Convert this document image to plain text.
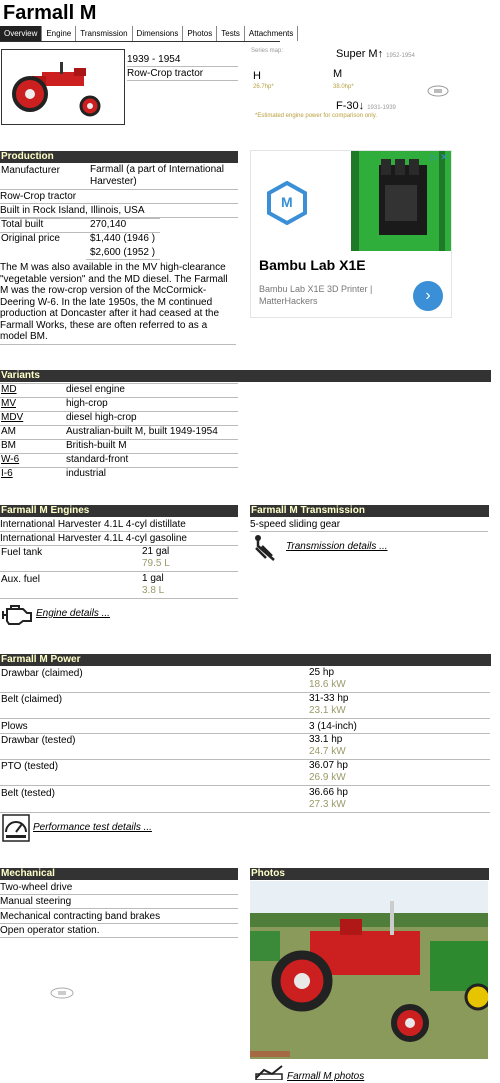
Farmall M
Overview	Engine	Transmission	Dimensions	Photos	Tests	Attachments
1939 - 1954
Row-Crop tractor
Series map:	Super M↑ 1952-1954
H
26.7hp*
M
38.0hp*
F-30↓ 1931-1939
*Estimated engine power for comparison only.
Production
Manufacturer	Farmall (a part of International Harvester)
Row-Crop tractor
Built in Rock Island, Illinois, USA
Total built	270,140
Original price	$1,440 (1946 )
$2,600 (1952 )
The M was also available in the MV high-clearance "vegetable version" and the MD diesel. The Farmall M was the row-crop version of the McCormick-Deering W-6. In the late 1950s, the M continued production at Doncaster after it had ceased at the Farmall Works, these are often referred to as a model BM.
M
▷ ✕
Bambu Lab X1E
Bambu Lab X1E 3D Printer | MatterHackers	›
Variants
MD	diesel engine
MV	high-crop
MDV	diesel high-crop
AM	Australian-built M, built 1949-1954
BM	British-built M
W-6	standard-front
I-6	industrial
Farmall M Engines
International Harvester 4.1L 4-cyl distillate
International Harvester 4.1L 4-cyl gasoline
Fuel tank	21 gal
79.5 L
Aux. fuel	1 gal
3.8 L
Engine details ...
Farmall M Transmission
5-speed sliding gear
Transmission details ...
Farmall M Power
Drawbar (claimed)	25 hp
18.6 kW
Belt (claimed)	31-33 hp
23.1 kW
Plows	3 (14-inch)
Drawbar (tested)	33.1 hp
24.7 kW
PTO (tested)	36.07 hp
26.9 kW
Belt (tested)	36.66 hp
27.3 kW
Performance test details ...
Mechanical
Two-wheel drive
Manual steering
Mechanical contracting band brakes
Open operator station.
Photos
Farmall M photos
